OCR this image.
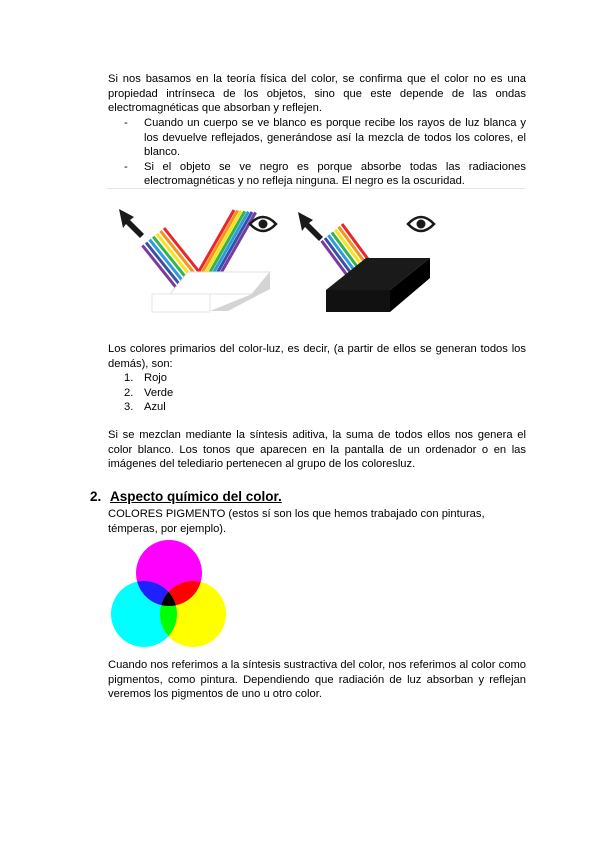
Si nos basamos en la teoría física del color, se confirma que el color no es una propiedad intrínseca de los objetos, sino que este depende de las ondas electromagnéticas que absorban y reflejen.

- Cuando un cuerpo se ve blanco es porque recibe los rayos de luz blanca y los devuelve reflejados, generándose así la mezcla de todos los colores, el blanco.
- Si el objeto se ve negro es porque absorbe todas las radiaciones electromagnéticas y no refleja ninguna. El negro es la oscuridad.

Los colores primarios del color-luz, es decir, (a partir de ellos se generan todos los demás), son:

1. Rojo
2. Verde
3. Azul

Si se mezclan mediante la síntesis aditiva, la suma de todos ellos nos genera el color blanco. Los tonos que aparecen en la pantalla de un ordenador o en las imágenes del telediario pertenecen al grupo de los coloresluz.

2. Aspecto químico del color.

COLORES PIGMENTO (estos sí son los que hemos trabajado con pinturas, témperas, por ejemplo).

Cuando nos referimos a la síntesis sustractiva del color, nos referimos al color como pigmentos, como pintura. Dependiendo que radiación de luz absorban y reflejan veremos los pigmentos de uno u otro color.
